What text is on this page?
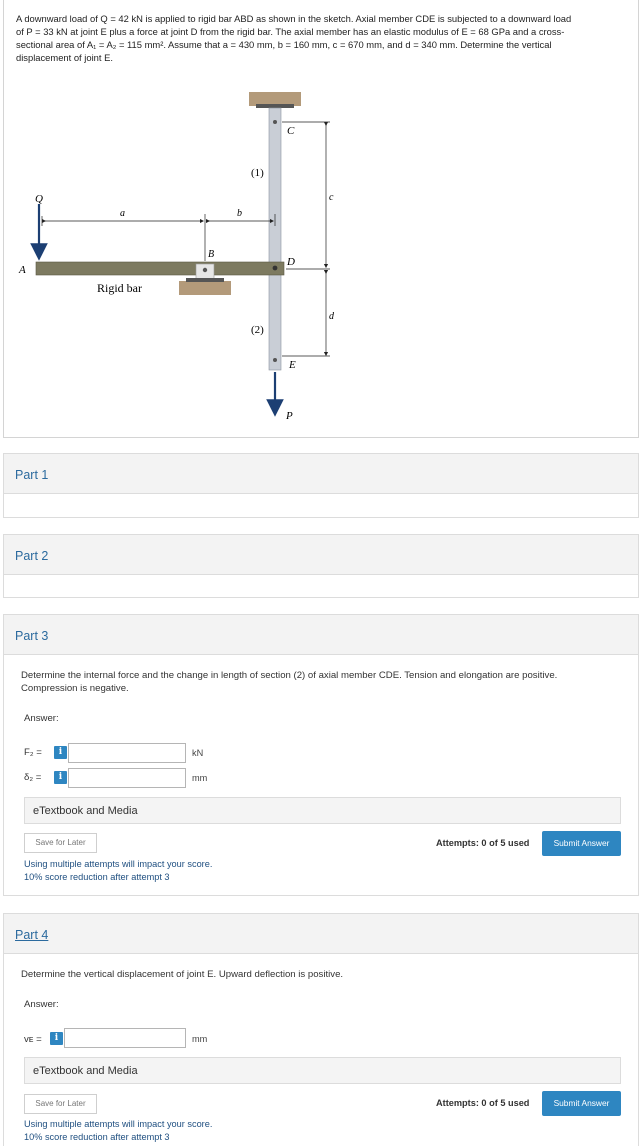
A downward load of Q = 42 kN is applied to rigid bar ABD as shown in the sketch. Axial member CDE is subjected to a downward load
of P = 33 kN at joint E plus a force at joint D from the rigid bar. The axial member has an elastic modulus of E = 68 GPa and a cross-
sectional area of A₁ = A₂ = 115 mm². Assume that a = 430 mm, b = 160 mm, c = 670 mm, and d = 340 mm. Determine the vertical
displacement of joint E.
Q
a	b
B
A
D
C
c
d
E
P
(1)
(2)
Rigid bar
Part 1
Part 2
Part 3
Determine the internal force and the change in length of section (2) of axial member CDE. Tension and elongation are positive.
Compression is negative.
Answer:
F₂ =	i	kN
δ₂ =	i	mm
eTextbook and Media
Save for Later	Attempts: 0 of 5 used	Submit Answer
Using multiple attempts will impact your score.
10% score reduction after attempt 3
Part 4
Determine the vertical displacement of joint E. Upward deflection is positive.
Answer:
vᴇ =	i	mm
eTextbook and Media
Save for Later	Attempts: 0 of 5 used	Submit Answer
Using multiple attempts will impact your score.
10% score reduction after attempt 3
